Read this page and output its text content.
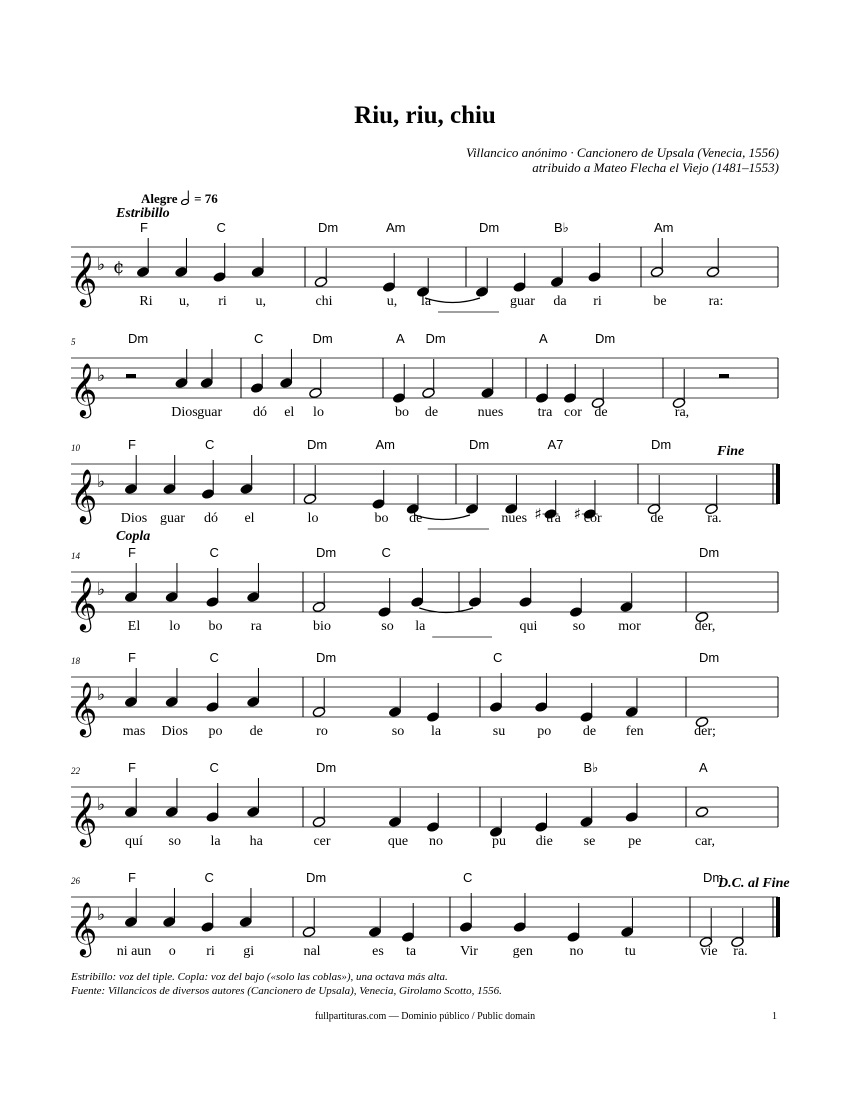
Riu, riu, chiu
Villancico anónimo · Cancionero de Upsala (Venecia, 1556)
atribuido a Mateo Flecha el Viejo (1481–1553)
Alegre = 76
Estribillo
Fine
Copla
D.C. al Fine
𝄞 ♭ ¢
F
Ri u,
C
ri u,
Dm
chi
Am
u, la
Dm
guar
B♭
da ri
Am
be	ra:
5
𝄞 ♭
Dm
Dios guar
C
dó el
Dm
lo
A
bo
Dm
de	nues
A
tra cor
Dm
de	ra,
10
𝄞 ♭
♯ ♯
F
Dios guar
C
dó el
Dm
lo
Am
bo de
Dm
nues
A7
tra cor
Dm
de	ra.
14
𝄞 ♭
F
El lo
C
bo ra
Dm
bio
C
so la	qui	so mor
Dm
der,
18
𝄞 ♭
F
mas Dios
C
po de
Dm
ro	so la
C
su po de fen
Dm
der;
22
𝄞 ♭
F
quí so
C
la ha
Dm
cer	que no	pu die
B♭
se pe
A
car,
26
𝄞 ♭
F
ni aun o
C
ri gi
Dm
nal	es ta
C
Vir gen	no	tu
Dm
vie ra.
Estribillo: voz del tiple. Copla: voz del bajo («solo las coblas»), una octava más alta.
Fuente: Villancicos de diversos autores (Cancionero de Upsala), Venecia, Girolamo Scotto, 1556.
fullpartituras.com — Dominio público / Public domain	1
